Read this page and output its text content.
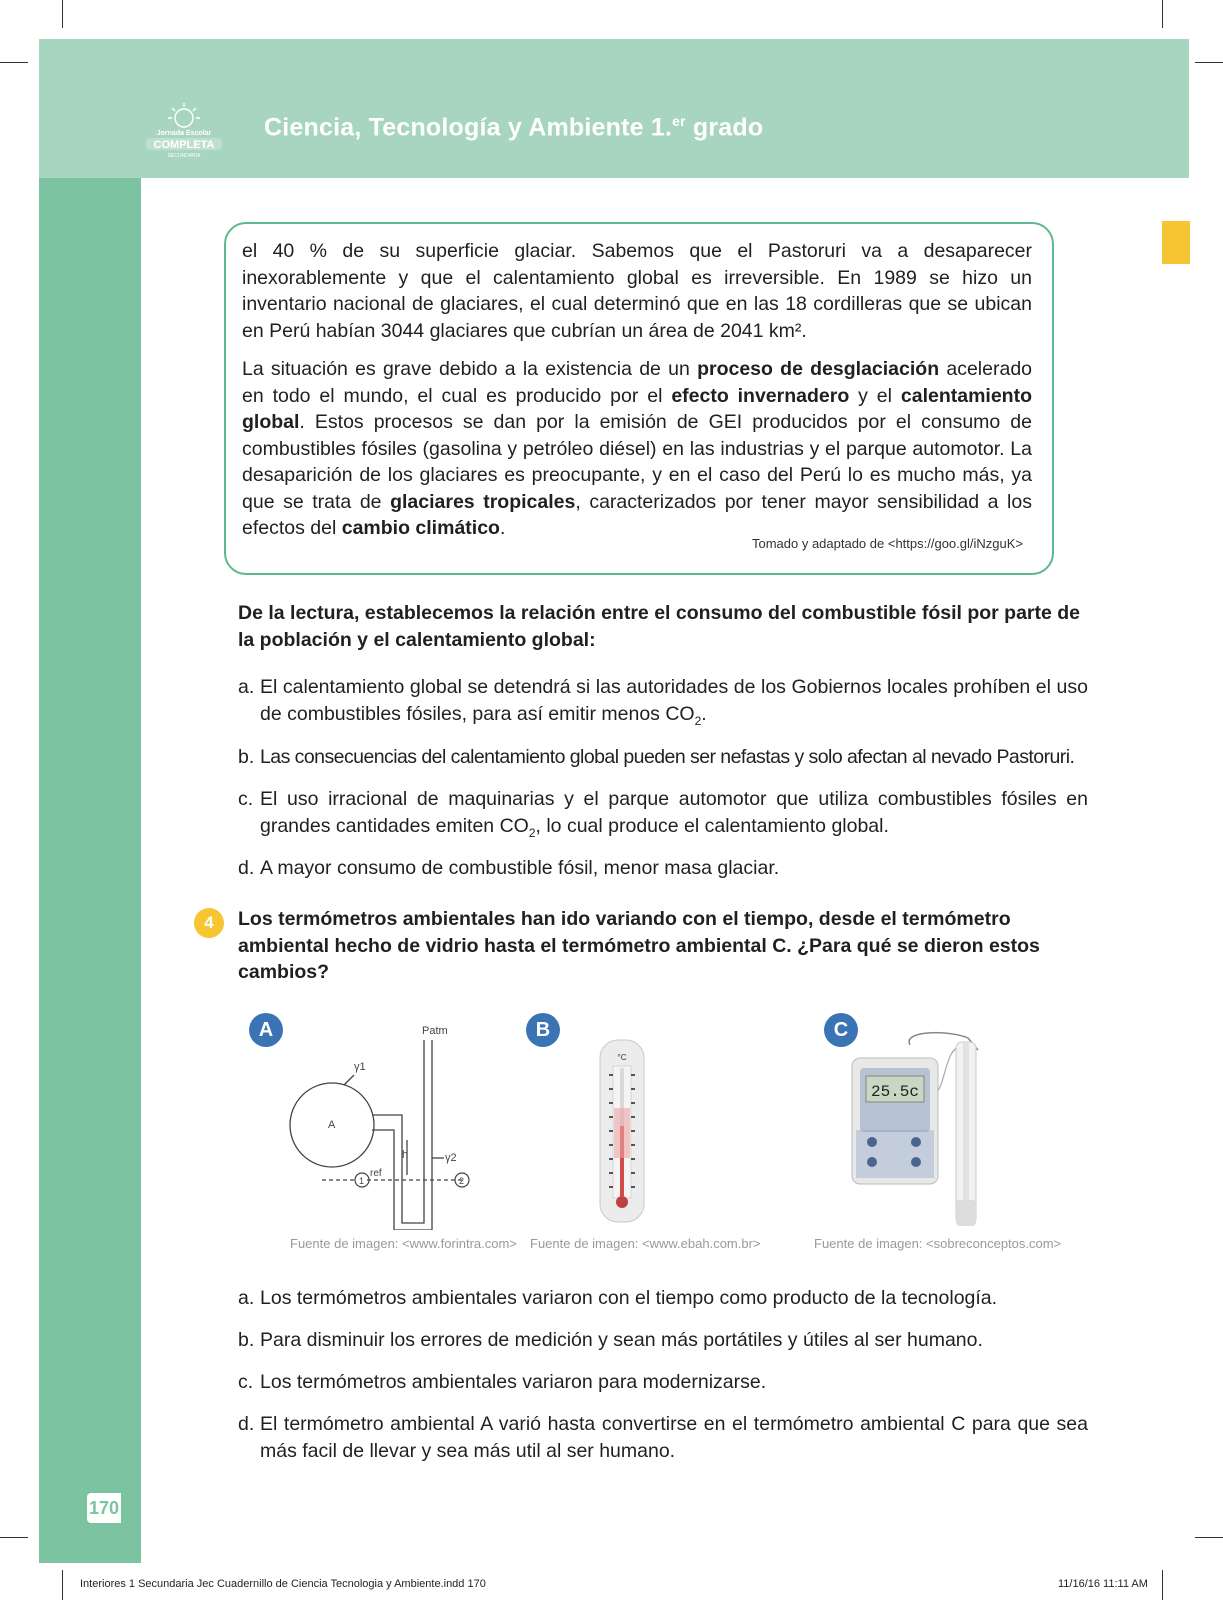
Jornada Escolar
COMPLETA
SECUNDARIA
Ciencia, Tecnología y Ambiente 1.$^{er}$ grado
el 40 % de su superficie glaciar. Sabemos que el Pastoruri va a desaparecer inexorablemente y que el calentamiento global es irreversible. En 1989 se hizo un inventario nacional de glaciares, el cual determinó que en las 18 cordilleras que se ubican en Perú habían 3044 glaciares que cubrían un área de 2041 km².
La situación es grave debido a la existencia de un proceso de desglaciación acelerado en todo el mundo, el cual es producido por el efecto invernadero y el calentamiento global. Estos procesos se dan por la emisión de GEI producidos por el consumo de combustibles fósiles (gasolina y petróleo diésel) en las industrias y el parque automotor. La desaparición de los glaciares es preocupante, y en el caso del Perú lo es mucho más, ya que se trata de glaciares tropicales, caracterizados por tener mayor sensibilidad a los efectos del cambio climático.
Tomado y adaptado de <https://goo.gl/iNzguK>
De la lectura, establecemos la relación entre el consumo del combustible fósil por parte de la población y el calentamiento global:
a. El calentamiento global se detendrá si las autoridades de los Gobiernos locales prohíben el uso de combustibles fósiles, para así emitir menos $CO_2$.
b. Las consecuencias del calentamiento global pueden ser nefastas y solo afectan al nevado Pastoruri.
c. El uso irracional de maquinarias y el parque automotor que utiliza combustibles fósiles en grandes cantidades emiten $CO_2$, lo cual produce el calentamiento global.
d. A mayor consumo de combustible fósil, menor masa glaciar.
4	Los termómetros ambientales han ido variando con el tiempo, desde el termómetro ambiental hecho de vidrio hasta el termómetro ambiental C. ¿Para qué se dieron estos cambios?
A	Patm
γ1
A
h	γ2
ref
1	2
Fuente de imagen: <www.forintra.com>
B
°C
Fuente de imagen: <www.ebah.com.br>
C
25.5c
Fuente de imagen: <sobreconceptos.com>
a. Los termómetros ambientales variaron con el tiempo como producto de la tecnología.
b. Para disminuir los errores de medición y sean más portátiles y útiles al ser humano.
c. Los termómetros ambientales variaron para modernizarse.
d. El termómetro ambiental A varió hasta convertirse en el termómetro ambiental C para que sea más facil de llevar y sea más util al ser humano.
170
Interiores 1 Secundaria Jec Cuadernillo de Ciencia Tecnologia y Ambiente.indd 170	11/16/16 11:11 AM
